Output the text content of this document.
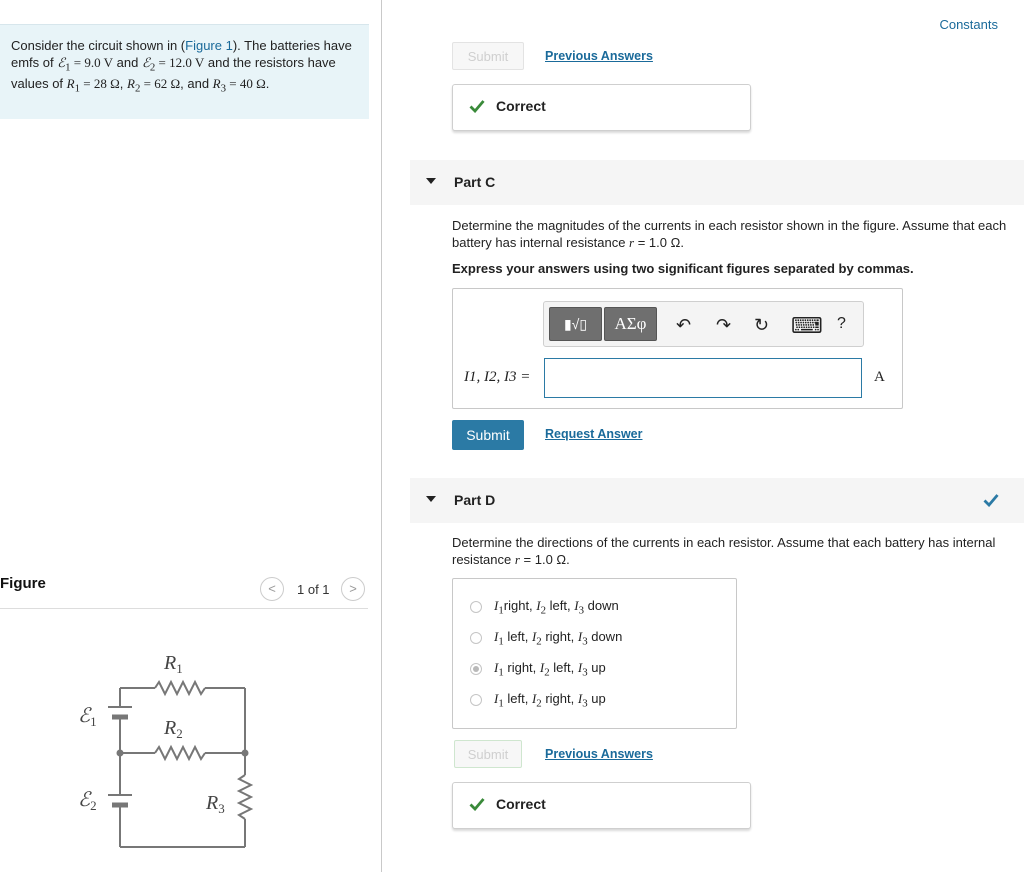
Consider the circuit shown in (Figure 1). The batteries have emfs of ℰ$_1$ = 9.0 V and ℰ$_2$ = 12.0 V and the resistors have values of $R_1 = 28$ Ω, $R_2 = 62$ Ω, and $R_3 = 40$ Ω.
Figure	<	1 of 1	>
ℰ$_1$
ℰ$_2$
$R_1$
$R_2$
$R_3$
Constants
Submit	Previous Answers
Correct
Part C
Determine the magnitudes of the currents in each resistor shown in the figure. Assume that each battery has internal resistance r = 1.0 Ω.
Express your answers using two significant figures separated by commas.
▮√▯	ΑΣφ	↶ ↷ ↻ ⌨ ?
I1, I2, I3 =	A
Submit	Request Answer
Part D
Determine the directions of the currents in each resistor. Assume that each battery has internal resistance r = 1.0 Ω.
$I_1right$, $I_2$ left, $I_3$ down
$I_1$ left, $I_2$ right, $I_3$ down
$I_1$ right, $I_2$ left, $I_3$ up
$I_1$ left, $I_2$ right, $I_3$ up
Submit	Previous Answers
Correct
